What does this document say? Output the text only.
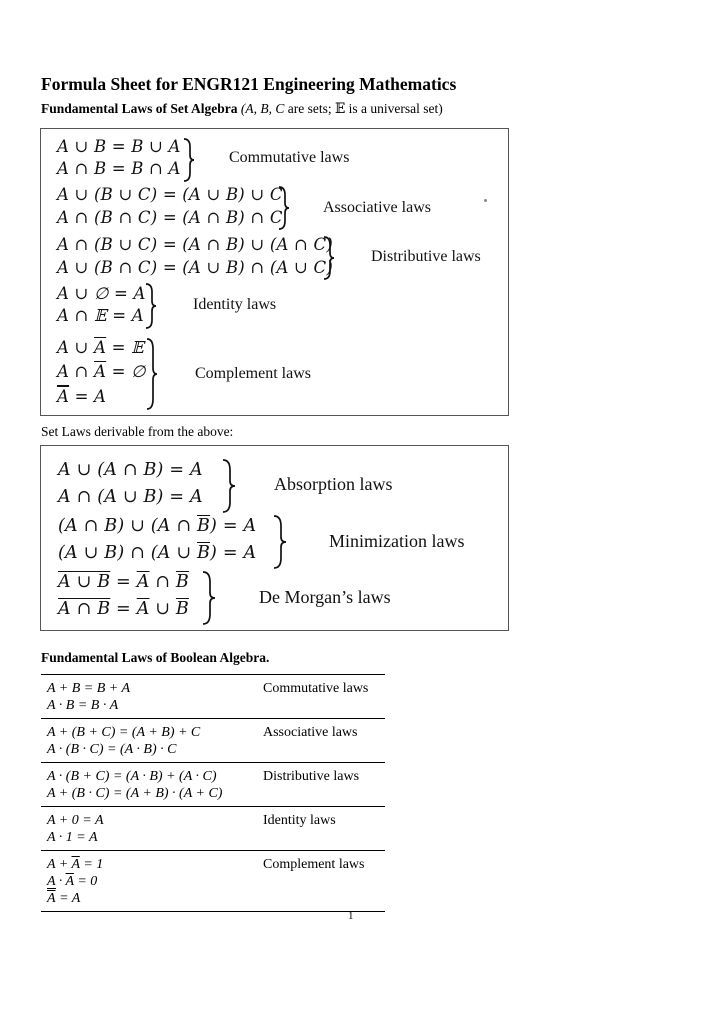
Formula Sheet for ENGR121 Engineering Mathematics
Fundamental Laws of Set Algebra (A, B, C are sets; 𝔼 is a universal set)
A ∪ B = B ∪ A
A ∩ B = B ∩ A
Commutative laws
A ∪ (B ∪ C) = (A ∪ B) ∪ C
A ∩ (B ∩ C) = (A ∩ B) ∩ C
Associative laws
A ∩ (B ∪ C) = (A ∩ B) ∪ (A ∩ C)
A ∪ (B ∩ C) = (A ∪ B) ∩ (A ∪ C)
Distributive laws
A ∪ ∅ = A
A ∩ 𝔼 = A
Identity laws
A ∪ $\overline{A}$ = 𝔼
A ∩ $\overline{A}$ = ∅
$\overline{A} = A$
Complement laws
Set Laws derivable from the above:
A ∪ (A ∩ B) = A
A ∩ (A ∪ B) = A
Absorption laws
(A ∩ B) ∪ (A ∩ $\overline{B}) = A$
(A ∪ B) ∩ (A ∪ $\overline{B}) = A$
Minimization laws
A ∪ $B = \overline{A}$ ∩ $\overline{B}$
A ∩ $B = \overline{A}$ ∪ $\overline{B}$
De Morgan’s laws
Fundamental Laws of Boolean Algebra.
A + B = B + A
A · B = B · A
Commutative laws
A + (B + C) = (A + B) + C
A · (B · C) = (A · B) · C
Associative laws
A · (B + C) = (A · B) + (A · C)
A + (B · C) = (A + B) · (A + C)
Distributive laws
A + 0 = A
A · 1 = A
Identity laws
$A + \overline{A} = 1$
$A \cdot \overline{A} = 0$
$\overline{A} = A$
Complement laws
1
